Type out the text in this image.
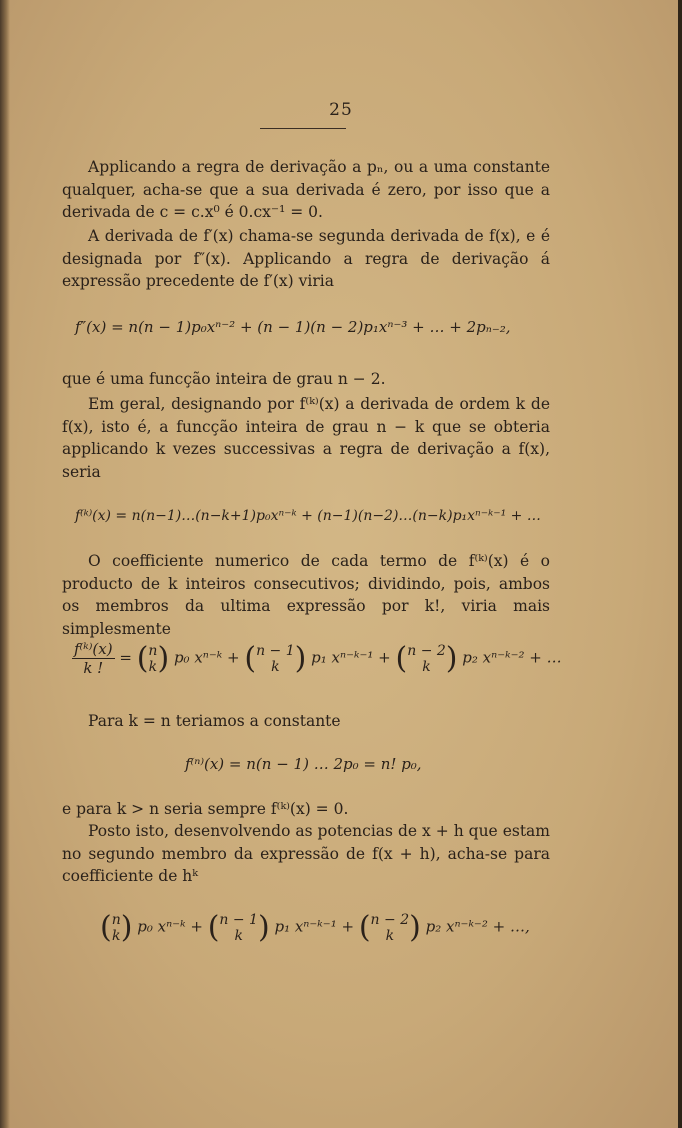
25
Applicando a regra de derivação a pₙ, ou a uma constante qualquer, acha-se que a sua derivada é zero, por isso que a derivada de c = c.x⁰ é 0.cx⁻¹ = 0.
A derivada de f′(x) chama-se segunda derivada de f(x), e é designada por f″(x). Applicando a regra de derivação á expressão precedente de f′(x) viria
f″(x) = n(n − 1)p₀xⁿ⁻² + (n − 1)(n − 2)p₁xⁿ⁻³ + … + 2pₙ₋₂,
que é uma funcção inteira de grau n − 2.
Em geral, designando por f⁽ᵏ⁾(x) a derivada de ordem k de f(x), isto é, a funcção inteira de grau n − k que se obteria applicando k vezes successivas a regra de derivação a f(x), seria
f⁽ᵏ⁾(x) = n(n−1)…(n−k+1)p₀xⁿ⁻ᵏ + (n−1)(n−2)…(n−k)p₁xⁿ⁻ᵏ⁻¹ + …
O coefficiente numerico de cada termo de f⁽ᵏ⁾(x) é o producto de k inteiros consecutivos; dividindo, pois, ambos os membros da ultima expressão por k!, viria mais simplesmente
$\frac{\text{f⁽ᵏ⁾(x)}}{k !}$ = ( n
k ) p₀ xⁿ⁻ᵏ + ( n − 1
k ) p₁ xⁿ⁻ᵏ⁻¹ + ( n − 2
k ) p₂ xⁿ⁻ᵏ⁻² + …
Para k = n teriamos a constante
f⁽ⁿ⁾(x) = n(n − 1) … 2p₀ = n! p₀,
e para k > n seria sempre f⁽ᵏ⁾(x) = 0.
Posto isto, desenvolvendo as potencias de x + h que estam no segundo membro da expressão de f(x + h), acha-se para coefficiente de hᵏ
( n
k ) p₀ xⁿ⁻ᵏ + ( n − 1
k ) p₁ xⁿ⁻ᵏ⁻¹ + ( n − 2
k ) p₂ xⁿ⁻ᵏ⁻² + …,
